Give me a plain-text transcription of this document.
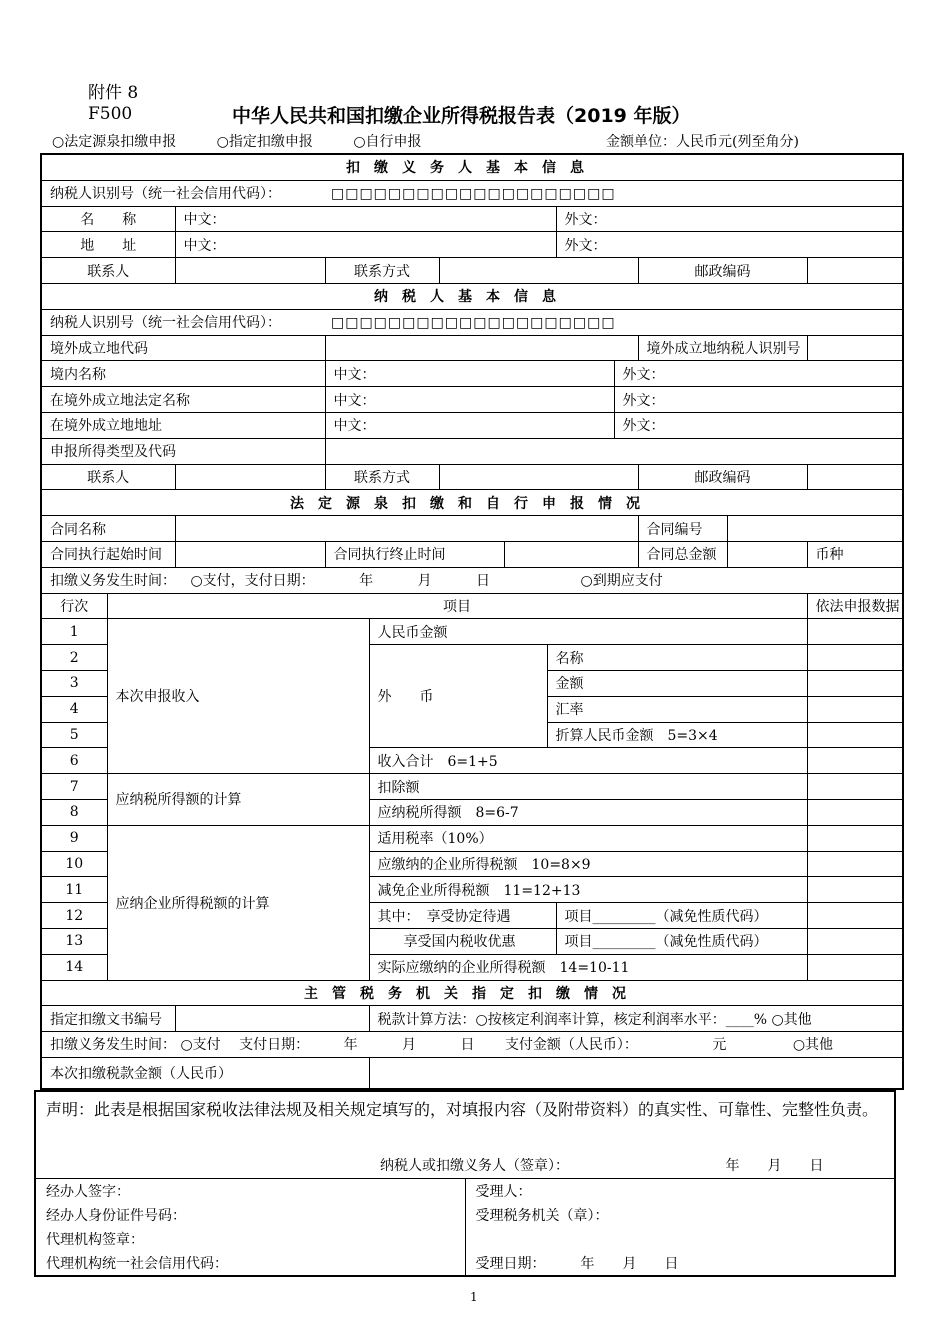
附件 8
F500	中华人民共和国扣缴企业所得税报告表（2019 年版）
○法定源泉扣缴申报	○指定扣缴申报	○自行申报	金额单位：人民币元(列至角分)
扣缴义务人基本信息												
纳税人识别号（统一社会信用代码）： □□□□□□□□□□□□□□□□□□□□												
名　　称		中文：						外文：				
地　　址		中文：						外文：				
联系人			联系方式							邮政编码		
纳税人基本信息												
纳税人识别号（统一社会信用代码）： □□□□□□□□□□□□□□□□□□□□												
境外成立地代码										境外成立地纳税人识别号		
境内名称			中文：						外文：			
在境外成立地法定名称			中文：						外文：			
在境外成立地地址			中文：						外文：			
申报所得类型及代码												
联系人			联系方式							邮政编码		
法定源泉扣缴和自行申报情况												
合同名称										合同编号		
合同执行起始时间			合同执行终止时间							合同总金额		币种
扣缴义务发生时间： ○支付，支付日期： 年 月 日 ○到期应支付												
行次	项目											依法申报数据
1	本次申报收入			人民币金额								
2				外　　币			名称					
3							金额					
4							汇率					
5							折算人民币金额　5=3×4					
6				收入合计　6=1+5								
7	应纳税所得额的计算			扣除额								
8				应纳税所得额　8=6-7								
9	应纳企业所得税额的计算			适用税率（10%）								
10				应缴纳的企业所得税额　10=8×9								
11				减免企业所得税额　11=12+13								
12				其中：　享受协定待遇				项目_________（减免性质代码）				
13				享受国内税收优惠				项目_________（减免性质代码）				
14				实际应缴纳的企业所得税额　14=10-11								
主管税务机关指定扣缴情况												
指定扣缴文书编号				税款计算方法：○按核定利润率计算，核定利润率水平：____% ○其他								
扣缴义务发生时间： ○支付　 支付日期： 年 月 日 支付金额（人民币）： 元 ○其他												
本次扣缴税款金额（人民币）												
声明：此表是根据国家税收法律法规及相关规定填写的，对填报内容（及附带资料）的真实性、可靠性、完整性负责。	
纳税人或扣缴义务人（签章）： 年　　月　　日	
经办人签字：	受理人：
经办人身份证件号码：	受理税务机关（章）：
代理机构签章：	
代理机构统一社会信用代码：	受理日期：　　　年　　月　　日
1
